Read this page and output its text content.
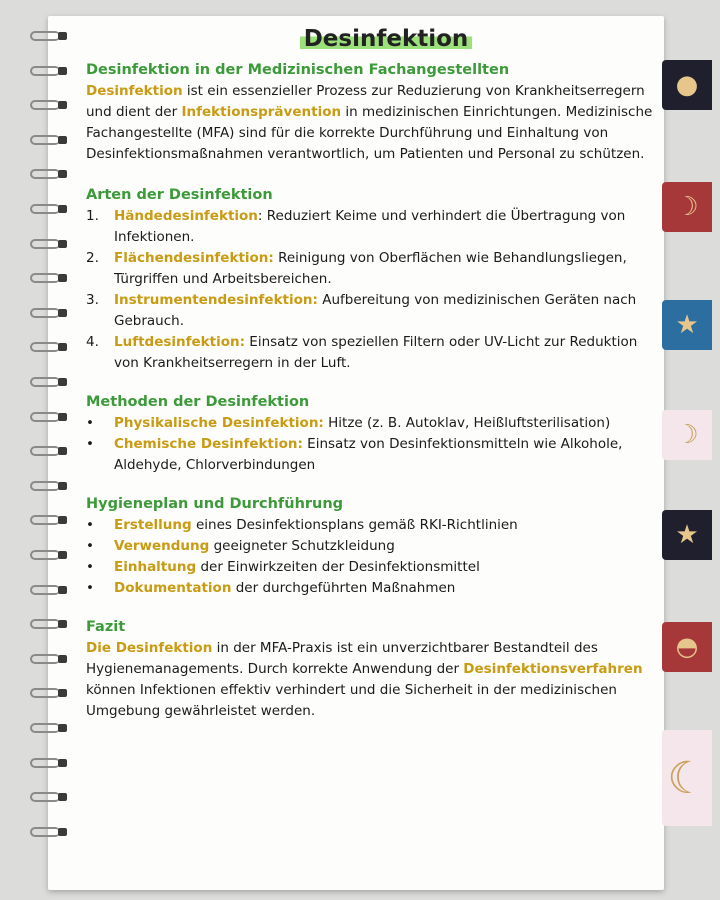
●
☽
★
☽
★
◓
☾
Desinfektion
Desinfektion in der Medizinischen Fachangestellten
Desinfektion ist ein essenzieller Prozess zur Reduzierung von Krankheitserregern und dient der Infektionsprävention in medizinischen Einrichtungen. Medizinische Fachangestellte (MFA) sind für die korrekte Durchführung und Einhaltung von Desinfektionsmaßnahmen verantwortlich, um Patienten und Personal zu schützen.
Arten der Desinfektion
1. Händedesinfektion: Reduziert Keime und verhindert die Übertragung von Infektionen.
2. Flächendesinfektion: Reinigung von Oberflächen wie Behandlungsliegen, Türgriffen und Arbeitsbereichen.
3. Instrumentendesinfektion: Aufbereitung von medizinischen Geräten nach Gebrauch.
4. Luftdesinfektion: Einsatz von speziellen Filtern oder UV-Licht zur Reduktion von Krankheitserregern in der Luft.
Methoden der Desinfektion
• Physikalische Desinfektion: Hitze (z. B. Autoklav, Heißluftsterilisation)
• Chemische Desinfektion: Einsatz von Desinfektionsmitteln wie Alkohole, Aldehyde, Chlorverbindungen
Hygieneplan und Durchführung
• Erstellung eines Desinfektionsplans gemäß RKI-Richtlinien
• Verwendung geeigneter Schutzkleidung
• Einhaltung der Einwirkzeiten der Desinfektionsmittel
• Dokumentation der durchgeführten Maßnahmen
Fazit
Die Desinfektion in der MFA-Praxis ist ein unverzichtbarer Bestandteil des Hygienemanagements. Durch korrekte Anwendung der Desinfektionsverfahren können Infektionen effektiv verhindert und die Sicherheit in der medizinischen Umgebung gewährleistet werden.
